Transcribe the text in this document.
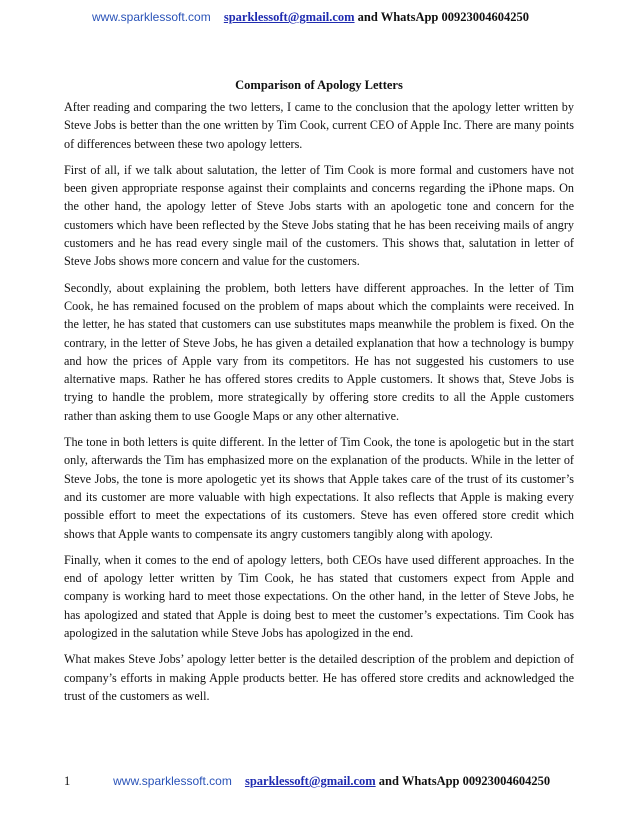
www.sparklessoft.com sparklessoft@gmail.com and WhatsApp 00923004604250
Comparison of Apology Letters

After reading and comparing the two letters, I came to the conclusion that the apology letter written by Steve Jobs is better than the one written by Tim Cook, current CEO of Apple Inc. There are many points of differences between these two apology letters.

First of all, if we talk about salutation, the letter of Tim Cook is more formal and customers have not been given appropriate response against their complaints and concerns regarding the iPhone maps. On the other hand, the apology letter of Steve Jobs starts with an apologetic tone and concern for the customers which have been reflected by the Steve Jobs stating that he has been receiving mails of angry customers and he has read every single mail of the customers. This shows that, salutation in letter of Steve Jobs shows more concern and value for the customers.

Secondly, about explaining the problem, both letters have different approaches. In the letter of Tim Cook, he has remained focused on the problem of maps about which the complaints were received. In the letter, he has stated that customers can use substitutes maps meanwhile the problem is fixed. On the contrary, in the letter of Steve Jobs, he has given a detailed explanation that how a technology is bumpy and how the prices of Apple vary from its competitors. He has not suggested his customers to use alternative maps. Rather he has offered stores credits to Apple customers. It shows that, Steve Jobs is trying to handle the problem, more strategically by offering store credits to all the Apple customers rather than asking them to use Google Maps or any other alternative.

The tone in both letters is quite different. In the letter of Tim Cook, the tone is apologetic but in the start only, afterwards the Tim has emphasized more on the explanation of the products. While in the letter of Steve Jobs, the tone is more apologetic yet its shows that Apple takes care of the trust of its customer’s and its customer are more valuable with high expectations. It also reflects that Apple is making every possible effort to meet the expectations of its customers. Steve has even offered store credit which shows that Apple wants to compensate its angry customers tangibly along with apology.

Finally, when it comes to the end of apology letters, both CEOs have used different approaches. In the end of apology letter written by Tim Cook, he has stated that customers expect from Apple and company is working hard to meet those expectations. On the other hand, in the letter of Steve Jobs, he has apologized and stated that Apple is doing best to meet the customer’s expectations. Tim Cook has apologized in the salutation while Steve Jobs has apologized in the end.

What makes Steve Jobs’ apology letter better is the detailed description of the problem and depiction of company’s efforts in making Apple products better. He has offered store credits and acknowledged the trust of the customers as well.

1	www.sparklessoft.com sparklessoft@gmail.com and WhatsApp 00923004604250
